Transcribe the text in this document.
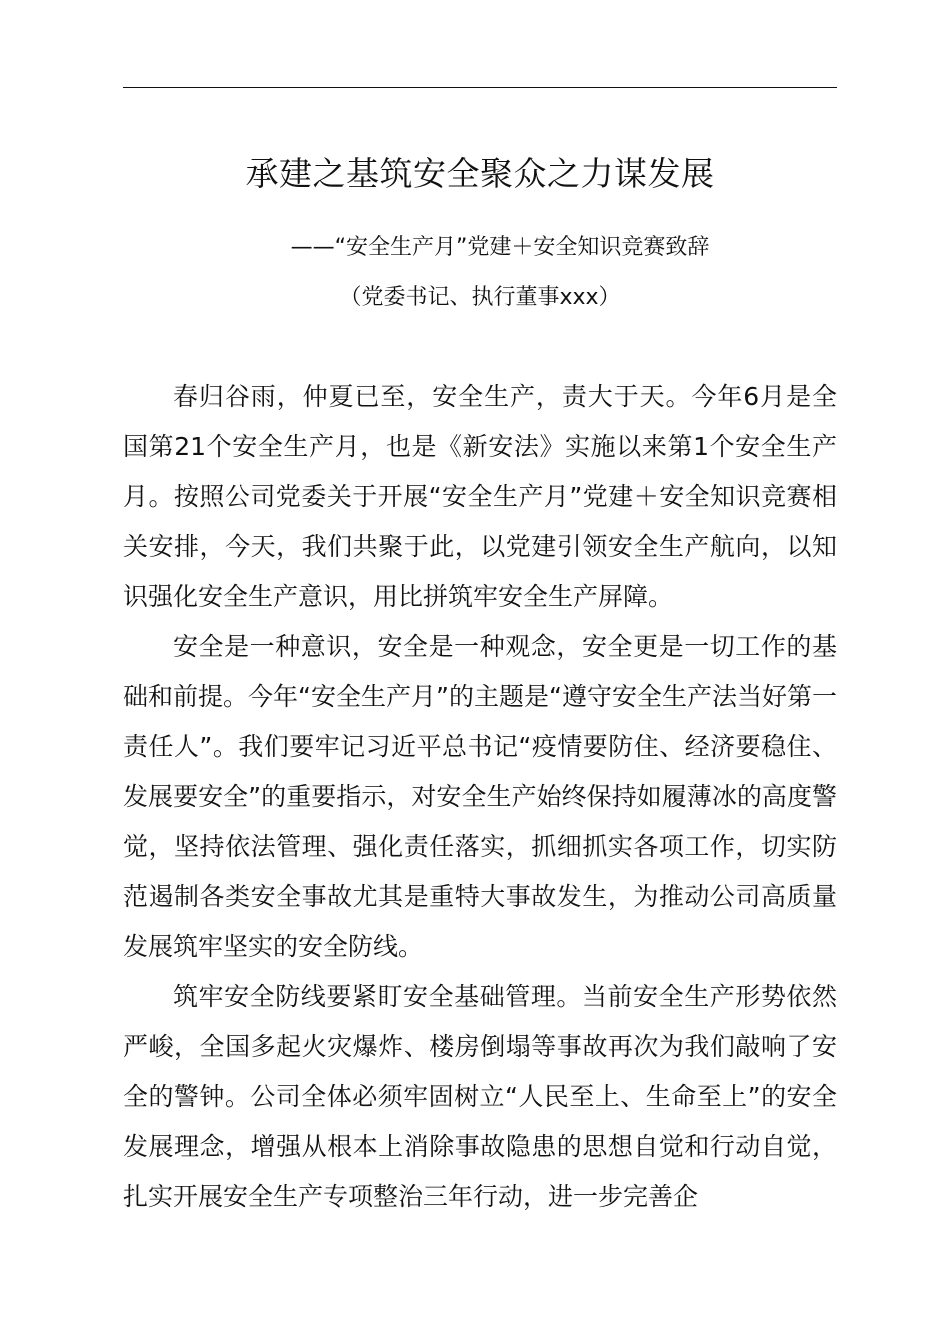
承建之基筑安全聚众之力谋发展

——“安全生产月”党建＋安全知识竞赛致辞

（党委书记、执行董事xxx）

春归谷雨，仲夏已至，安全生产，责大于天。今年6月是全国第21个安全生产月，也是《新安法》实施以来第1个安全生产月。按照公司党委关于开展“安全生产月”党建＋安全知识竞赛相关安排，今天，我们共聚于此，以党建引领安全生产航向，以知识强化安全生产意识，用比拼筑牢安全生产屏障。

安全是一种意识，安全是一种观念，安全更是一切工作的基础和前提。今年“安全生产月”的主题是“遵守安全生产法当好第一责任人”。我们要牢记习近平总书记“疫情要防住、经济要稳住、发展要安全”的重要指示，对安全生产始终保持如履薄冰的高度警觉，坚持依法管理、强化责任落实，抓细抓实各项工作，切实防范遏制各类安全事故尤其是重特大事故发生，为推动公司高质量发展筑牢坚实的安全防线。

筑牢安全防线要紧盯安全基础管理。当前安全生产形势依然严峻，全国多起火灾爆炸、楼房倒塌等事故再次为我们敲响了安全的警钟。公司全体必须牢固树立“人民至上、生命至上”的安全发展理念，增强从根本上消除事故隐患的思想自觉和行动自觉，扎实开展安全生产专项整治三年行动，进一步完善企
